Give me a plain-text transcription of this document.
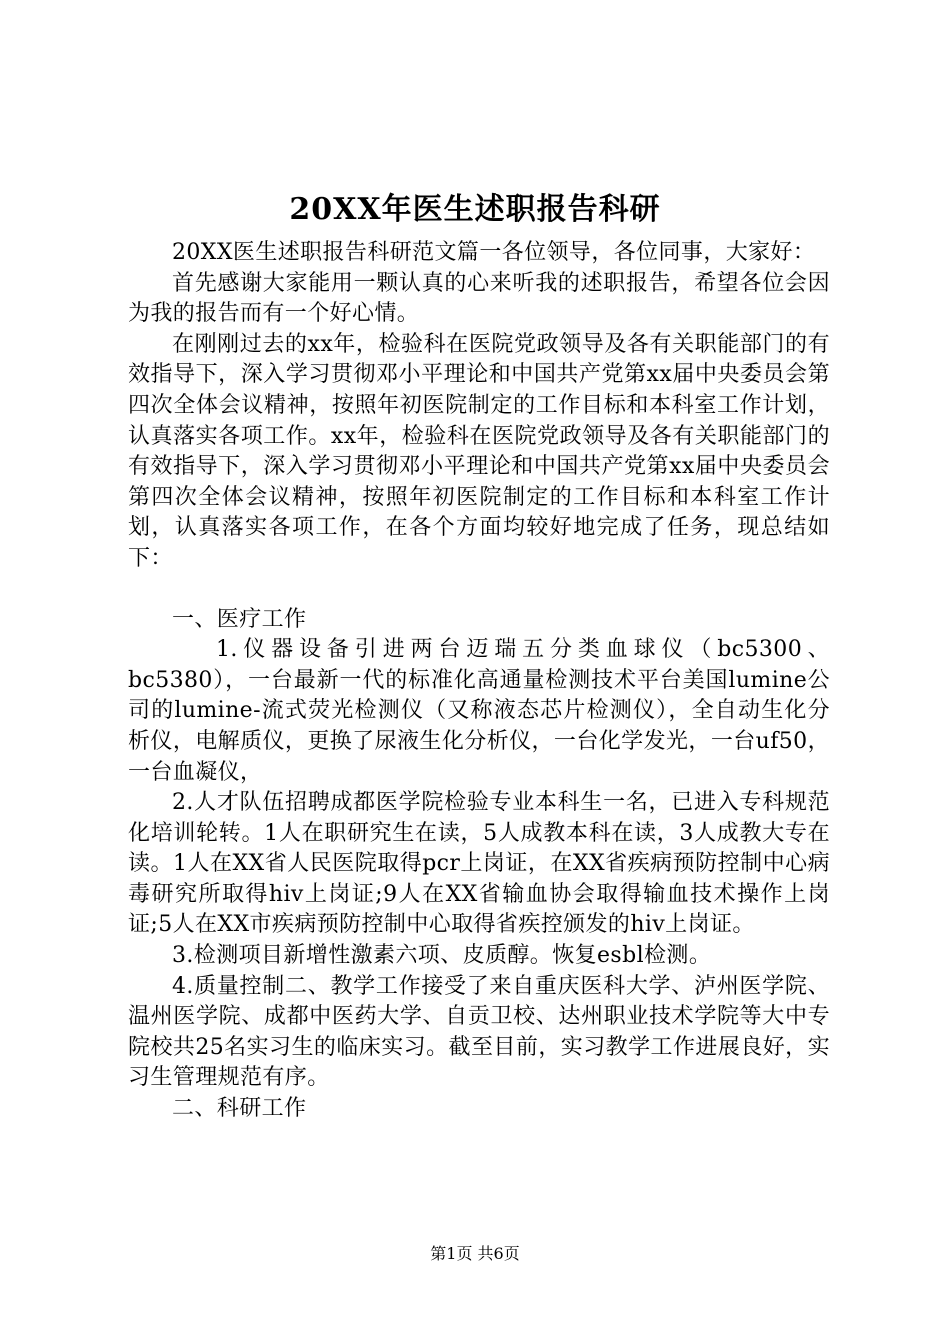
20XX年医生述职报告科研

20XX医生述职报告科研范文篇一各位领导，各位同事，大家好：

首先感谢大家能用一颗认真的心来听我的述职报告，希望各位会因为我的报告而有一个好心情。

在刚刚过去的xx年，检验科在医院党政领导及各有关职能部门的有效指导下，深入学习贯彻邓小平理论和中国共产党第xx届中央委员会第四次全体会议精神，按照年初医院制定的工作目标和本科室工作计划，认真落实各项工作。xx年，检验科在医院党政领导及各有关职能部门的有效指导下，深入学习贯彻邓小平理论和中国共产党第xx届中央委员会第四次全体会议精神，按照年初医院制定的工作目标和本科室工作计划，认真落实各项工作，在各个方面均较好地完成了任务，现总结如下：

一、医疗工作

1.仪器设备引进两台迈瑞五分类血球仪（bc5300、bc5380），一台最新一代的标准化高通量检测技术平台美国lumine公司的lumine-流式荧光检测仪（又称液态芯片检测仪），全自动生化分析仪，电解质仪，更换了尿液生化分析仪，一台化学发光，一台uf50，一台血凝仪，

2.人才队伍招聘成都医学院检验专业本科生一名，已进入专科规范化培训轮转。1人在职研究生在读，5人成教本科在读，3人成教大专在读。1人在XX省人民医院取得pcr上岗证，在XX省疾病预防控制中心病毒研究所取得hiv上岗证;9人在XX省输血协会取得输血技术操作上岗证;5人在XX市疾病预防控制中心取得省疾控颁发的hiv上岗证。

3.检测项目新增性激素六项、皮质醇。恢复esbl检测。

4.质量控制二、教学工作接受了来自重庆医科大学、泸州医学院、温州医学院、成都中医药大学、自贡卫校、达州职业技术学院等大中专院校共25名实习生的临床实习。截至目前，实习教学工作进展良好，实习生管理规范有序。

二、科研工作

第1页 共6页
